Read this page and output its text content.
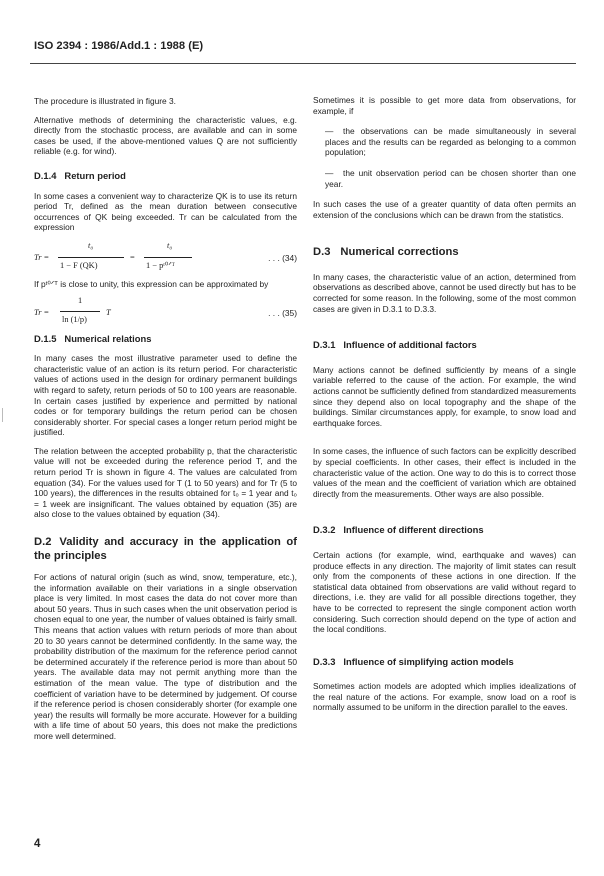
ISO 2394 : 1986/Add.1 : 1988 (E)

The procedure is illustrated in figure 3.

Alternative methods of determining the characteristic values, e.g. directly from the stochastic process, are available and can in some cases be used, if the above-mentioned values Q are not sufficiently reliable (e.g. for wind).

D.1.4 Return period

In some cases a convenient way to characterize QK is to use its return period Tr, defined as the mean duration between consecutive occurrences of QK being exceeded. Tr can be calculated from the expression

Tr =
t₀
1 − F (QK)
=
t₀
1 − pᵗ⁰ᐟᵀ
. . . (34)

If pᵗ⁰ᐟᵀ is close to unity, this expression can be approximated by

Tr =
1
ln (1/p)
T	. . . (35)
D.1.5 Numerical relations

In many cases the most illustrative parameter used to define the characteristic value of an action is its return period. For characteristic values of actions used in the design for ordinary permanent buildings with regard to safety, return periods of 50 to 100 years are reasonable. In certain cases justified by experience and permitted by national codes or for temporary buildings the return period can be chosen considerably shorter. For special cases a longer return period might be justified.

The relation between the accepted probability p, that the characteristic value will not be exceeded during the reference period T, and the return period Tr is shown in figure 4. The values are calculated from equation (34). For the values used for T (1 to 50 years) and for Tr (5 to 100 years), the differences in the results obtained for t₀ = 1 year and t₀ = 1 week are insignificant. The values obtained by equation (35) are also close to the values obtained by equation (34).

D.2 Validity and accuracy in the application of the principles

For actions of natural origin (such as wind, snow, temperature, etc.), the information available on their variations in a single observation place is very limited. In most cases the data do not cover more than about 50 years. Thus in such cases when the unit observation period is chosen equal to one year, the number of values obtained is fairly small. This means that action values with return periods of more than about 20 to 30 years cannot be determined confidently. In the same way, the probability distribution of the maximum for the reference period cannot be determined accurately if the reference period is more than about 50 years. The available data may not permit anything more than the estimation of the mean value. The type of distribution and the coefficient of variation have to be determined by judgement. Of course if the reference period is chosen considerably shorter (for example one year) the results will formally be more accurate. However for a building with a life time of about 50 years, this does not make the predictions more well determined.

Sometimes it is possible to get more data from observations, for example, if

—	the observations can be made simultaneously in several places and the results can be regarded as belonging to a common population;
—	the unit observation period can be chosen shorter than one year.

In such cases the use of a greater quantity of data often permits an extension of the conclusions which can be drawn from the statistics.

D.3 Numerical corrections

In many cases, the characteristic value of an action, determined from observations as described above, cannot be used directly but has to be corrected for some reason. In the following, some of the most common cases are given in D.3.1 to D.3.3.

D.3.1 Influence of additional factors

Many actions cannot be defined sufficiently by means of a single variable referred to the cause of the action. For example, the wind actions cannot be sufficiently defined from standardized measurements since they depend also on local topography and the shape of the buildings. Similar circumstances apply, for example, to snow load and earthquake forces.

In some cases, the influence of such factors can be explicitly described by special coefficients. In other cases, their effect is included in the characteristic value of the action. One way to do this is to correct those values of the mean and the coefficient of variation which are obtained directly from the measurements. Other ways are also possible.

D.3.2 Influence of different directions

Certain actions (for example, wind, earthquake and waves) can produce effects in any direction. The majority of limit states can result only from the components of these actions in one direction. If the statistical data obtained from observations are valid without regard to directions, i.e. they are valid for all possible directions together, they have to be corrected to represent the single component action worth considering. Such correction should depend on the type of action and the local conditions.

D.3.3 Influence of simplifying action models

Sometimes action models are adopted which implies idealizations of the real nature of the actions. For example, snow load on a roof is normally assumed to be uniform in the direction parallel to the eaves.

4
